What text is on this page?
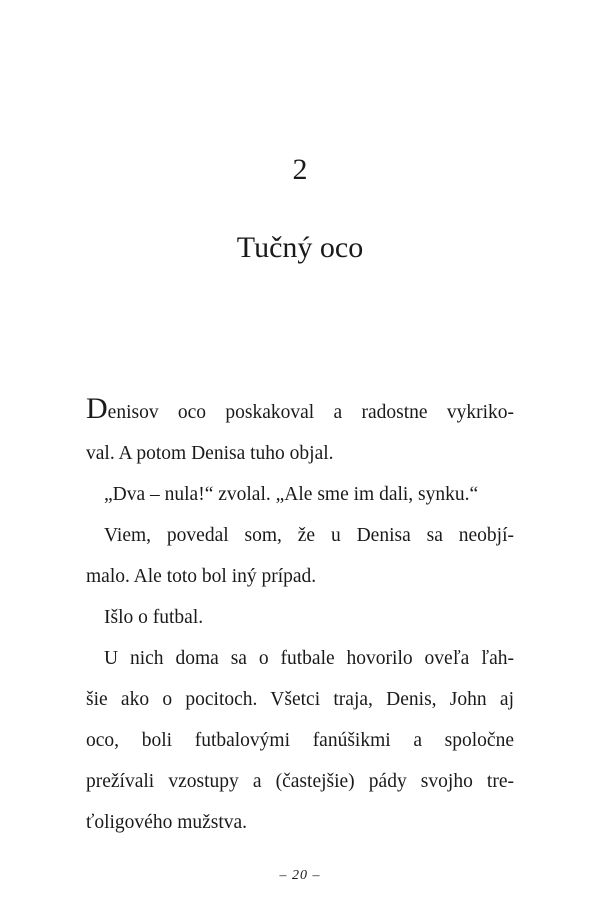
2
Tučný oco
Denisov oco poskakoval a radostne vykriko-
val. A potom Denisa tuho objal.
„Dva – nula!“ zvolal. „Ale sme im dali, synku.“
Viem, povedal som, že u Denisa sa neobjí-
malo. Ale toto bol iný prípad.
Išlo o futbal.
U nich doma sa o futbale hovorilo oveľa ľah-
šie ako o pocitoch. Všetci traja, Denis, John aj
oco, boli futbalovými fanúšikmi a spoločne
prežívali vzostupy a (častejšie) pády svojho tre-
ťoligového mužstva.
– 20 –
